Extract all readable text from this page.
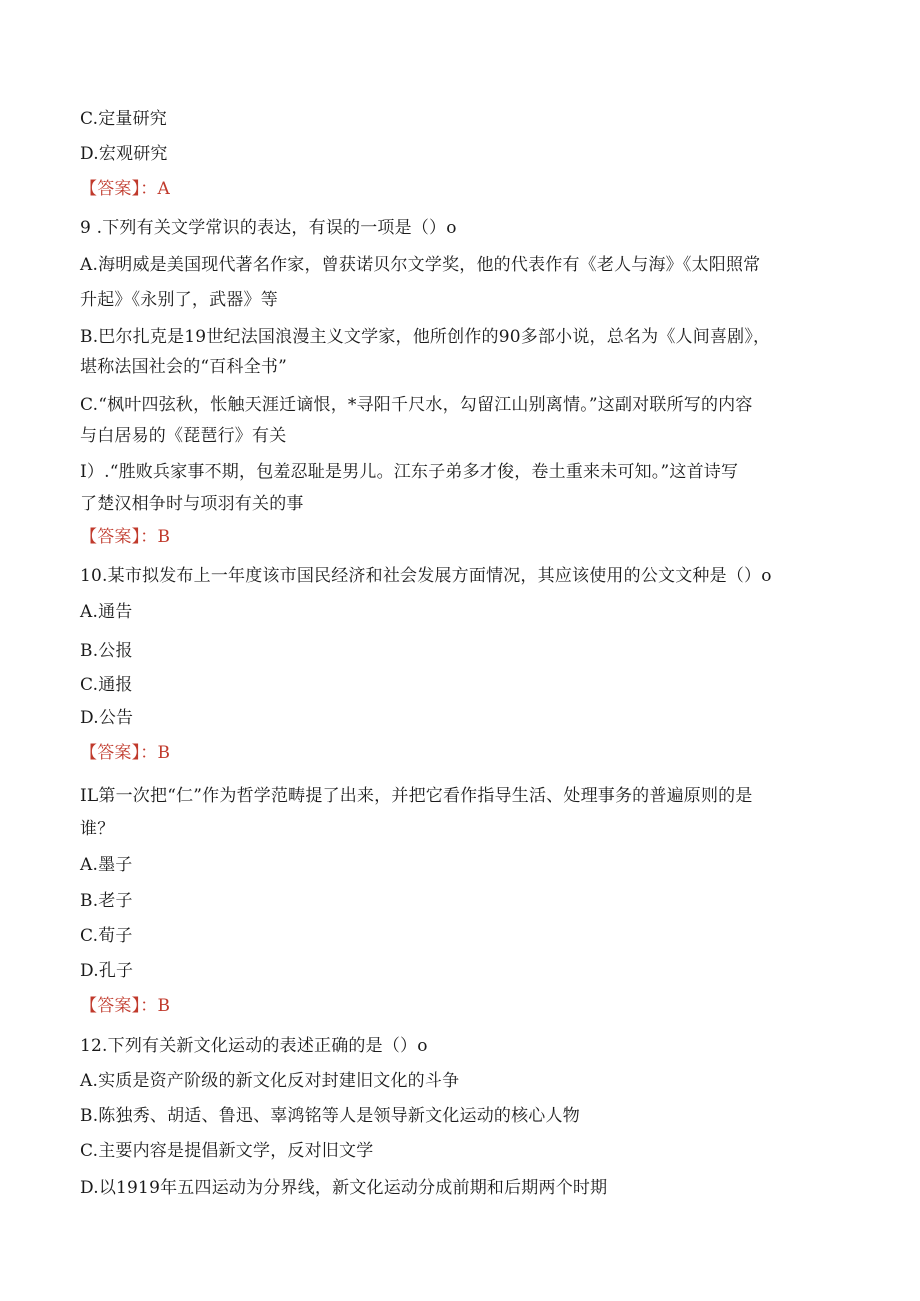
C.定量研究
D.宏观研究
【答案】：A
9 .下列有关文学常识的表达，有误的一项是（）o
A.海明威是美国现代著名作家，曾获诺贝尔文学奖，他的代表作有《老人与海》《太阳照常
升起》《永别了，武器》等
B.巴尔扎克是19世纪法国浪漫主义文学家，他所创作的90多部小说，总名为《人间喜剧》，
堪称法国社会的“百科全书”
C.“枫叶四弦秋，怅触天涯迁谪恨，*寻阳千尺水，勾留江山别离情。”这副对联所写的内容
与白居易的《琵琶行》有关
I）.“胜败兵家事不期，包羞忍耻是男儿。江东子弟多才俊，卷土重来未可知。”这首诗写
了楚汉相争时与项羽有关的事
【答案】：B
10.某市拟发布上一年度该市国民经济和社会发展方面情况，其应该使用的公文文种是（）o
A.通告
B.公报
C.通报
D.公告
【答案】：B
IL第一次把“仁”作为哲学范畴提了出来，并把它看作指导生活、处理事务的普遍原则的是
谁？
A.墨子
B.老子
C.荀子
D.孔子
【答案】：B
12.下列有关新文化运动的表述正确的是（）o
A.实质是资产阶级的新文化反对封建旧文化的斗争
B.陈独秀、胡适、鲁迅、辜鸿铭等人是领导新文化运动的核心人物
C.主要内容是提倡新文学，反对旧文学
D.以1919年五四运动为分界线，新文化运动分成前期和后期两个时期
